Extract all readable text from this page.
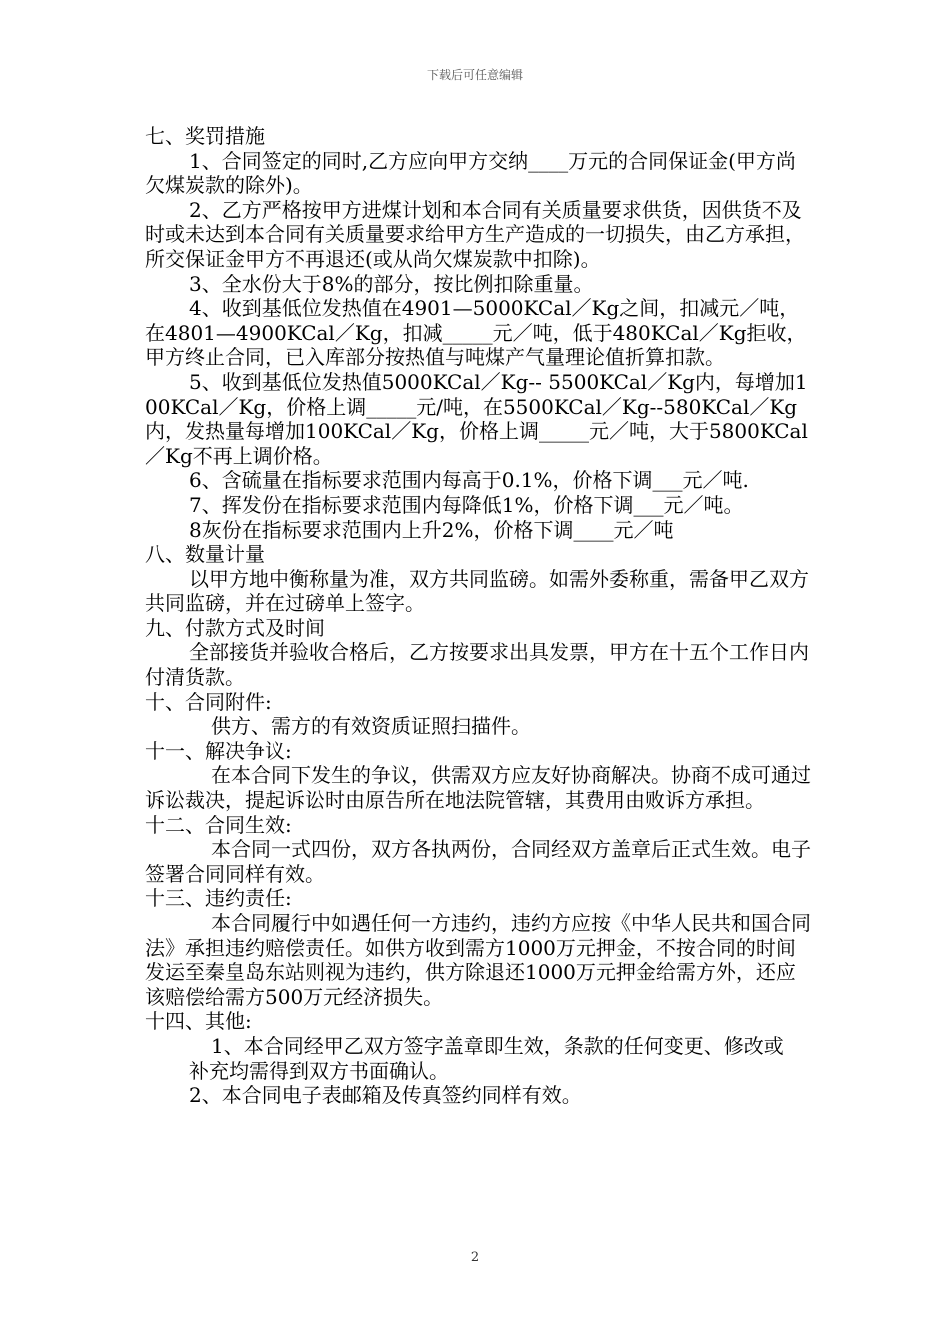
下载后可任意编辑

七、奖罚措施

1、合同签定的同时,乙方应向甲方交纳____万元的合同保证金(甲方尚欠煤炭款的除外)。

2、乙方严格按甲方进煤计划和本合同有关质量要求供货，因供货不及时或未达到本合同有关质量要求给甲方生产造成的一切损失，由乙方承担，所交保证金甲方不再退还(或从尚欠煤炭款中扣除)。

3、全水份大于8%的部分，按比例扣除重量。

4、收到基低位发热值在4901—5000KCal／Kg之间，扣减元／吨，在4801—4900KCal／Kg，扣减_____元／吨，低于480KCal／Kg拒收，甲方终止合同，已入库部分按热值与吨煤产气量理论值折算扣款。

5、收到基低位发热值5000KCal／Kg-- 5500KCal／Kg内，每增加100KCal／Kg，价格上调_____元/吨，在5500KCal／Kg--580KCal／Kg内，发热量每增加100KCal／Kg，价格上调_____元／吨，大于5800KCal／Kg不再上调价格。

6、含硫量在指标要求范围内每高于0.1%，价格下调___元／吨.

7、挥发份在指标要求范围内每降低1%，价格下调___元／吨。

8灰份在指标要求范围内上升2%，价格下调____元／吨

八、数量计量

以甲方地中衡称量为准，双方共同监磅。如需外委称重，需备甲乙双方共同监磅，并在过磅单上签字。

九、付款方式及时间

全部接货并验收合格后，乙方按要求出具发票，甲方在十五个工作日内付清货款。

十、合同附件:

供方、需方的有效资质证照扫描件。

十一、解决争议:

在本合同下发生的争议，供需双方应友好协商解决。协商不成可通过诉讼裁决，提起诉讼时由原告所在地法院管辖，其费用由败诉方承担。

十二、合同生效:

本合同一式四份，双方各执两份，合同经双方盖章后正式生效。电子签署合同同样有效。

十三、违约责任:

本合同履行中如遇任何一方违约，违约方应按《中华人民共和国合同法》承担违约赔偿责任。如供方收到需方1000万元押金，不按合同的时间发运至秦皇岛东站则视为违约，供方除退还1000万元押金给需方外，还应该赔偿给需方500万元经济损失。

十四、其他:

1、本合同经甲乙双方签字盖章即生效，条款的任何变更、修改或

补充均需得到双方书面确认。

2、本合同电子表邮箱及传真签约同样有效。

2
